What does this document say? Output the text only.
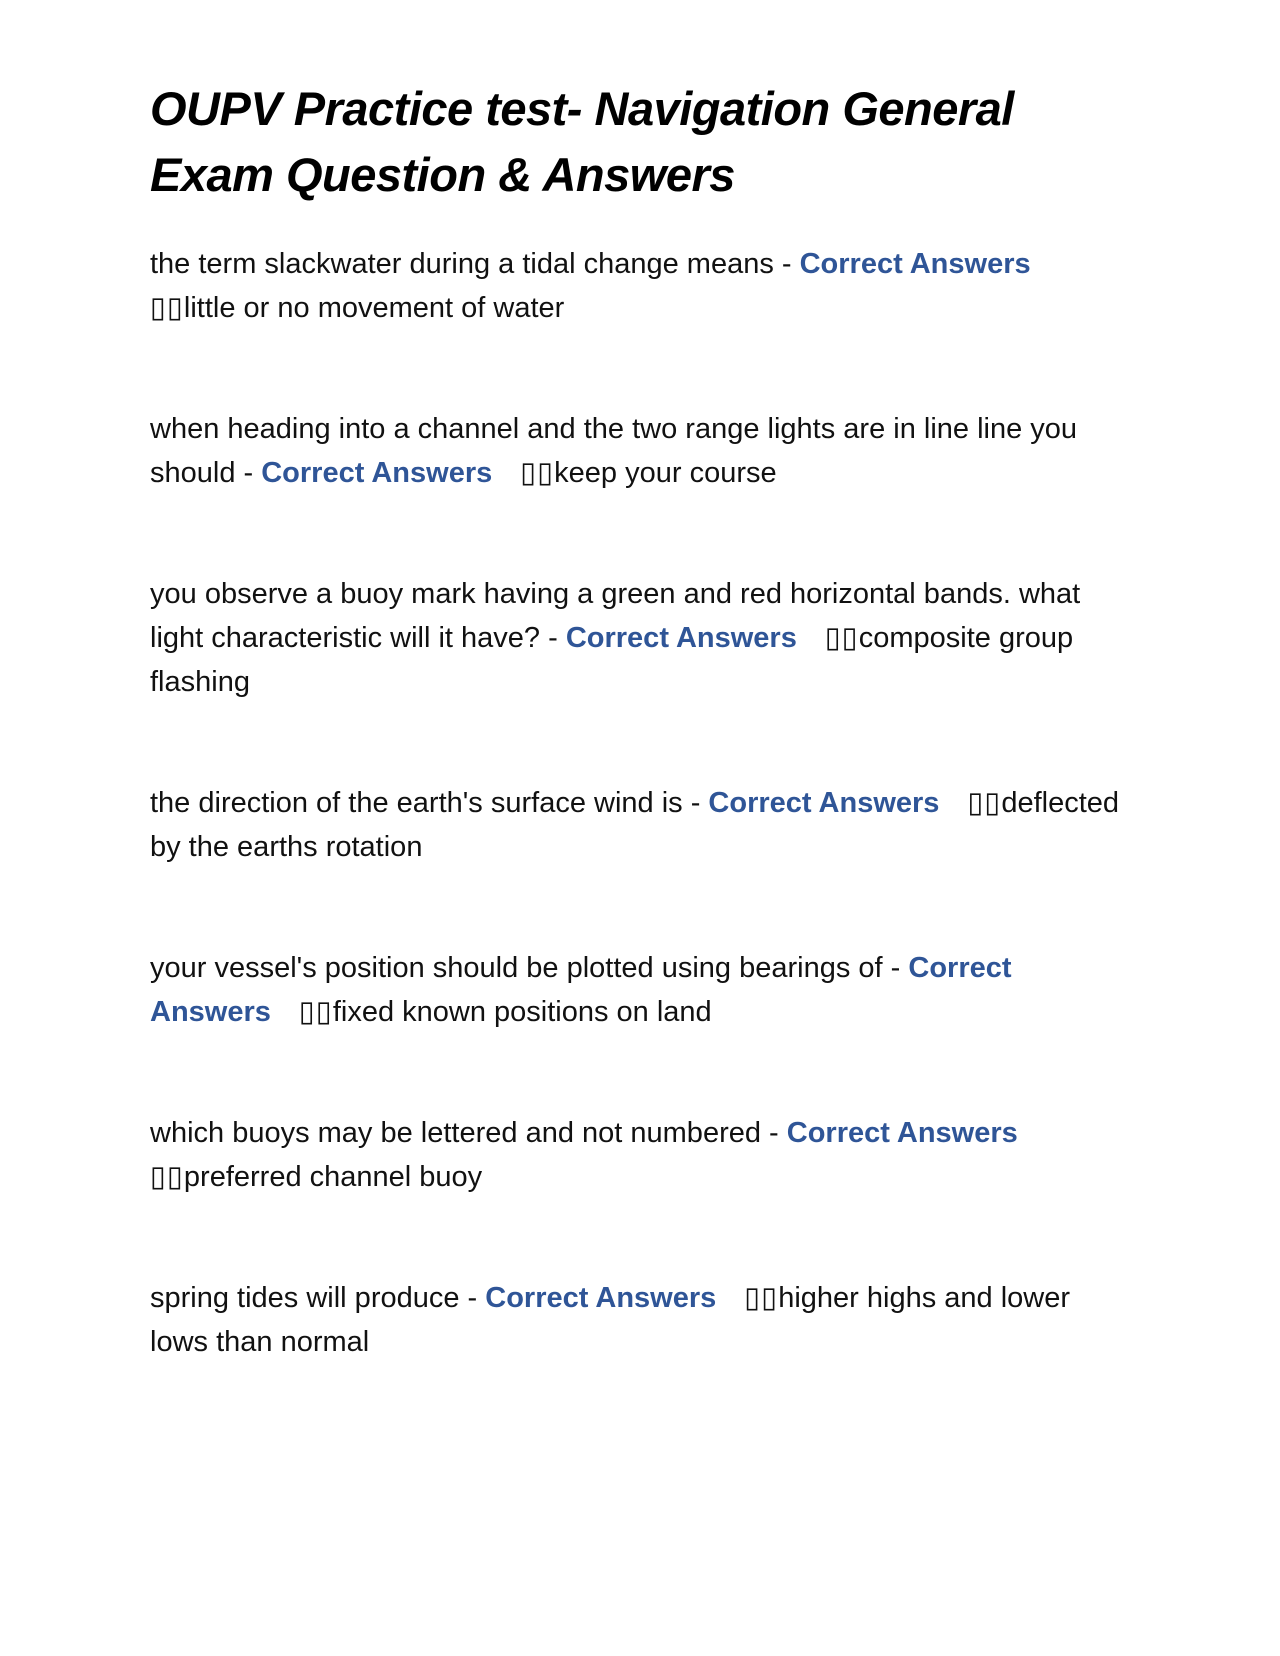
OUPV Practice test- Navigation General Exam Question & Answers

the term slackwater during a tidal change means - Correct Answers▯▯little or no movement of water

when heading into a channel and the two range lights are in line line you should - Correct Answers ▯▯keep your course

you observe a buoy mark having a green and red horizontal bands. what light characteristic will it have? - Correct Answers ▯▯composite group flashing

the direction of the earth's surface wind is - Correct Answers ▯▯deflected by the earths rotation

your vessel's position should be plotted using bearings of - Correct Answers ▯▯fixed known positions on land

which buoys may be lettered and not numbered - Correct Answers▯▯preferred channel buoy

spring tides will produce - Correct Answers ▯▯higher highs and lower lows than normal
